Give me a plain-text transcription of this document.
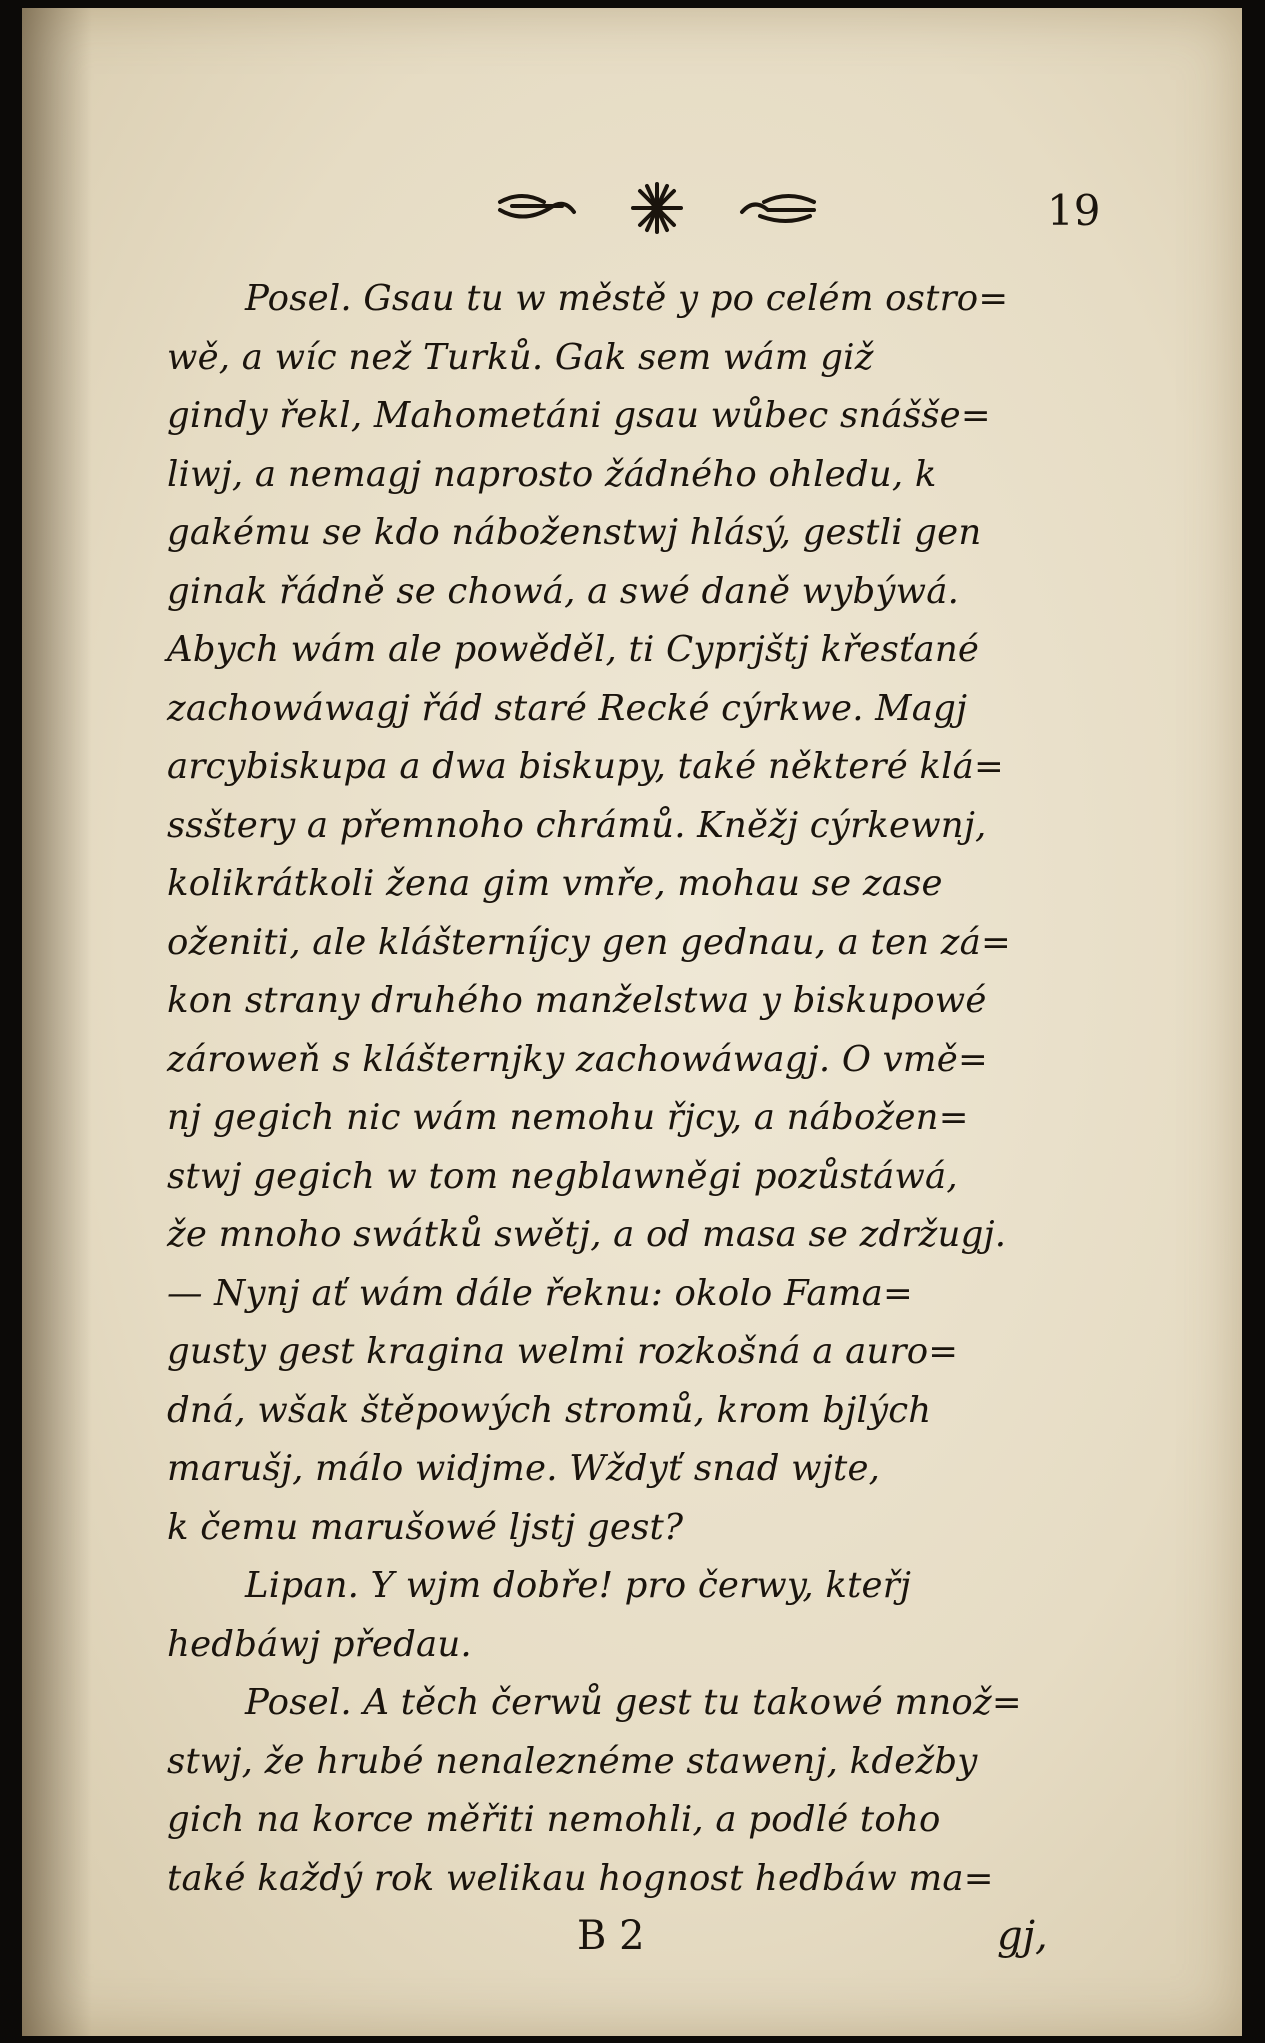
19
Posel. Gsau tu w městě y po celém ostro=
wě, a wíc než Turků. Gak sem wám giž
gindy řekl, Mahometáni gsau wůbec snášše=
liwj, a nemagj naprosto žádného ohledu, k
gakému se kdo náboženstwj hlásý, gestli gen
ginak řádně se chowá, a swé daně wybýwá.
Abych wám ale powěděl, ti Cyprjštj křesťané
zachowáwagj řád staré Recké cýrkwe. Magj
arcybiskupa a dwa biskupy, také některé klá=
ssštery a přemnoho chrámů. Kněžj cýrkewnj,
kolikrátkoli žena gim vmře, mohau se zase
oženiti, ale klášterníjcy gen gednau, a ten zá=
kon strany druhého manželstwa y biskupowé
zároweň s klášternjky zachowáwagj. O vmě=
nj gegich nic wám nemohu řjcy, a nábožen=
stwj gegich w tom negblawněgi pozůstáwá,
že mnoho swátků swětj, a od masa se zdržugj.
— Nynj ať wám dále řeknu: okolo Fama=
gusty gest kragina welmi rozkošná a auro=
dná, wšak štěpowých stromů, krom bjlých
marušj, málo widjme. Wždyť snad wjte,
k čemu marušowé ljstj gest?
Lipan. Y wjm dobře! pro čerwy, kteřj
hedbáwj předau.
Posel. A těch čerwů gest tu takowé množ=
stwj, že hrubé nenaleznéme stawenj, kdežby
gich na korce měřiti nemohli, a podlé toho
také každý rok welikau hognost hedbáw ma=
B 2	gj,
